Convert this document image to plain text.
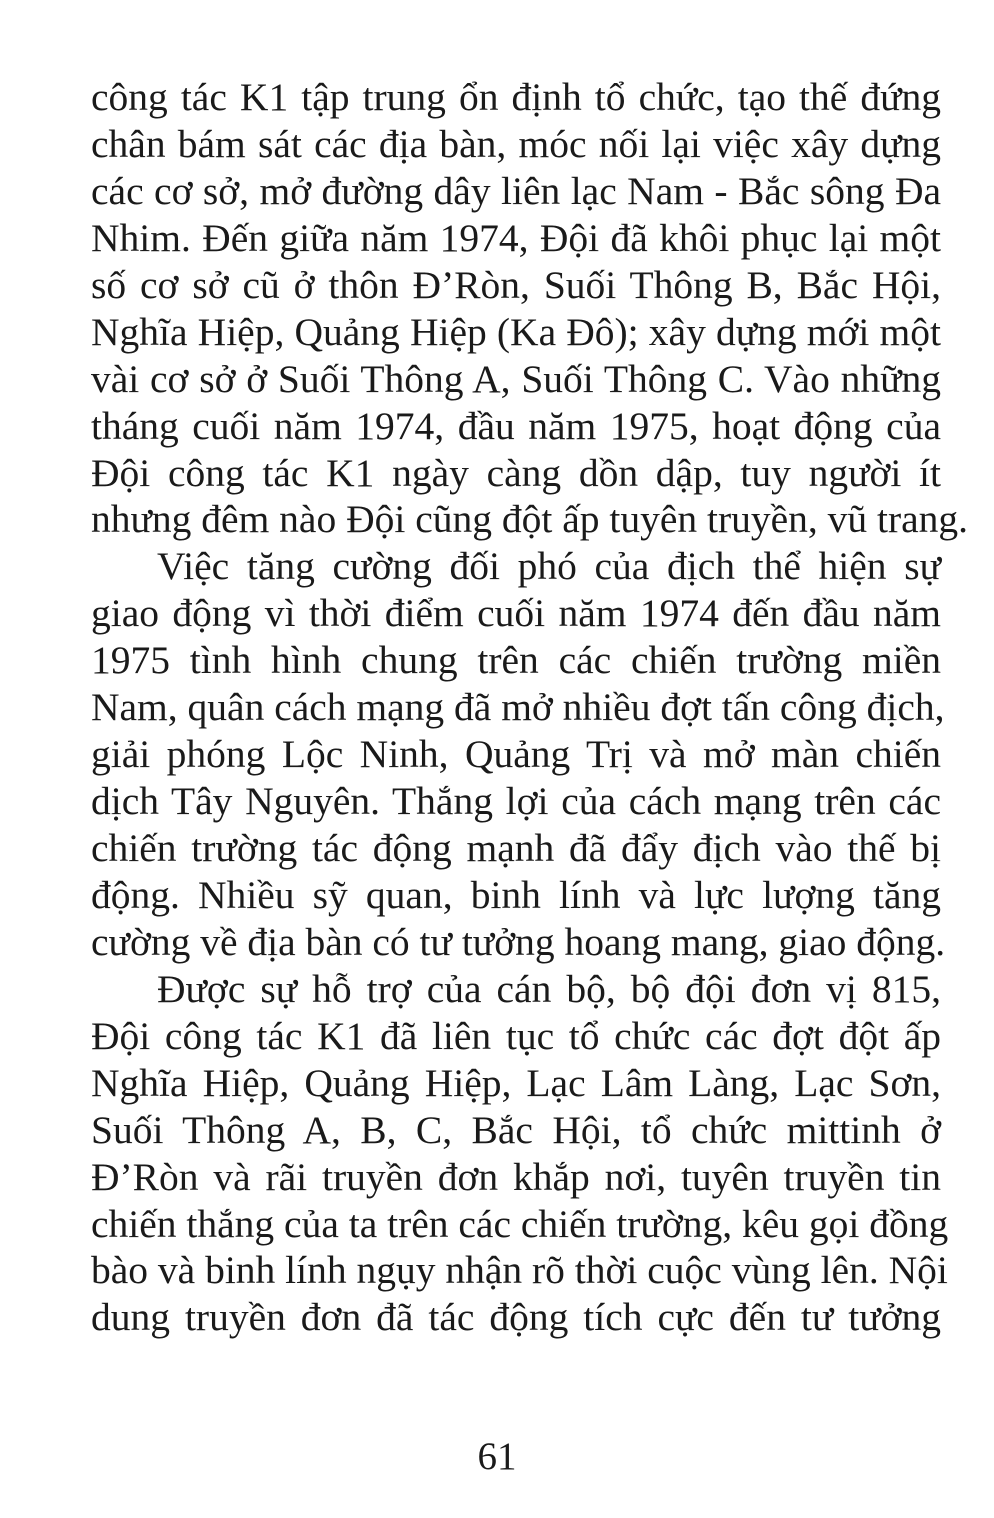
công tác K1 tập trung ổn định tổ chức, tạo thế đứng
chân bám sát các địa bàn, móc nối lại việc xây dựng
các cơ sở, mở đường dây liên lạc Nam - Bắc sông Đa
Nhim. Đến giữa năm 1974, Đội đã khôi phục lại một
số cơ sở cũ ở thôn Đ’Ròn, Suối Thông B, Bắc Hội,
Nghĩa Hiệp, Quảng Hiệp (Ka Đô); xây dựng mới một
vài cơ sở ở Suối Thông A, Suối Thông C. Vào những
tháng cuối năm 1974, đầu năm 1975, hoạt động của
Đội công tác K1 ngày càng dồn dập, tuy người ít
nhưng đêm nào Đội cũng đột ấp tuyên truyền, vũ trang.
Việc tăng cường đối phó của địch thể hiện sự
giao động vì thời điểm cuối năm 1974 đến đầu năm
1975 tình hình chung trên các chiến trường miền
Nam, quân cách mạng đã mở nhiều đợt tấn công địch,
giải phóng Lộc Ninh, Quảng Trị và mở màn chiến
dịch Tây Nguyên. Thắng lợi của cách mạng trên các
chiến trường tác động mạnh đã đẩy địch vào thế bị
động. Nhiều sỹ quan, binh lính và lực lượng tăng
cường về địa bàn có tư tưởng hoang mang, giao động.
Được sự hỗ trợ của cán bộ, bộ đội đơn vị 815,
Đội công tác K1 đã liên tục tổ chức các đợt đột ấp
Nghĩa Hiệp, Quảng Hiệp, Lạc Lâm Làng, Lạc Sơn,
Suối Thông A, B, C, Bắc Hội, tổ chức mittinh ở
Đ’Ròn và rãi truyền đơn khắp nơi, tuyên truyền tin
chiến thắng của ta trên các chiến trường, kêu gọi đồng
bào và binh lính ngụy nhận rõ thời cuộc vùng lên. Nội
dung truyền đơn đã tác động tích cực đến tư tưởng
61
